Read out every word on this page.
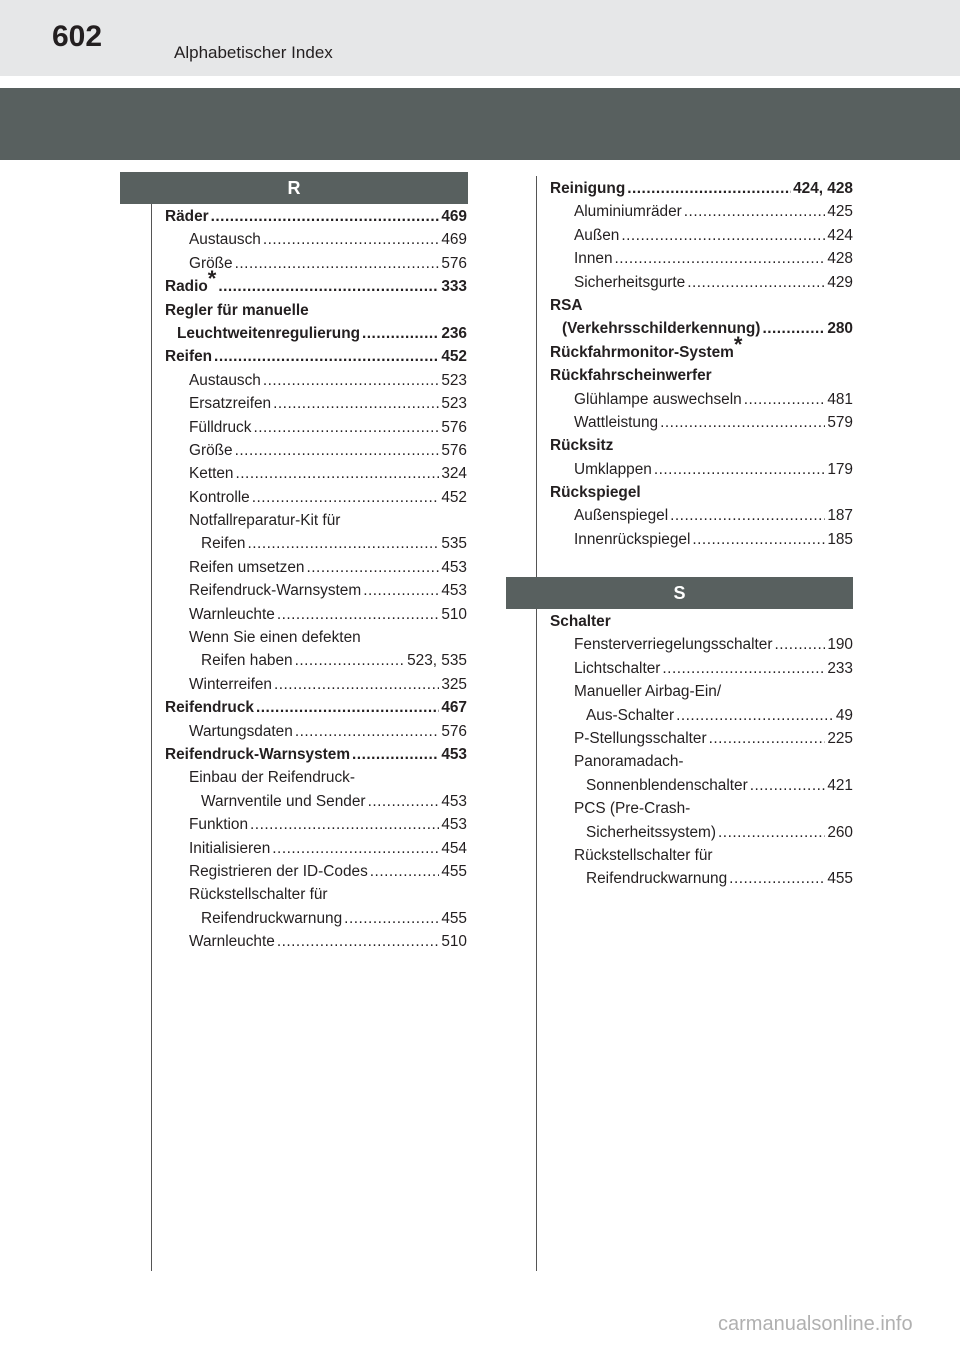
602	Alphabetischer Index
R
S
Räder .....	469
Austausch .....	469
Größe .....	576
Radio * .....	333
Regler für manuelle
Leuchtweitenregulierung .....	236
Reifen .....	452
Austausch .....	523
Ersatzreifen .....	523
Fülldruck .....	576
Größe .....	576
Ketten .....	324
Kontrolle .....	452
Notfallreparatur-Kit für
Reifen .....	535
Reifen umsetzen .....	453
Reifendruck-Warnsystem .....	453
Warnleuchte .....	510
Wenn Sie einen defekten
Reifen haben .....	523, 535
Winterreifen .....	325
Reifendruck .....	467
Wartungsdaten .....	576
Reifendruck-Warnsystem .....	453
Einbau der Reifendruck-
Warnventile und Sender .....	453
Funktion .....	453
Initialisieren .....	454
Registrieren der ID-Codes .....	455
Rückstellschalter für
Reifendruckwarnung .....	455
Warnleuchte .....	510
Reinigung .....	424, 428
Aluminiumräder .....	425
Außen .....	424
Innen .....	428
Sicherheitsgurte .....	429
RSA
(Verkehrsschilderkennung) .....	280
Rückfahrmonitor-System *
Rückfahrscheinwerfer
Glühlampe auswechseln .....	481
Wattleistung .....	579
Rücksitz
Umklappen .....	179
Rückspiegel
Außenspiegel .....	187
Innenrückspiegel .....	185
Schalter
Fensterverriegelungsschalter .....	190
Lichtschalter .....	233
Manueller Airbag-Ein/
Aus-Schalter .....	49
P-Stellungsschalter .....	225
Panoramadach-
Sonnenblendenschalter .....	421
PCS (Pre-Crash-
Sicherheitssystem) .....	260
Rückstellschalter für
Reifendruckwarnung .....	455
carmanualsonline.info
